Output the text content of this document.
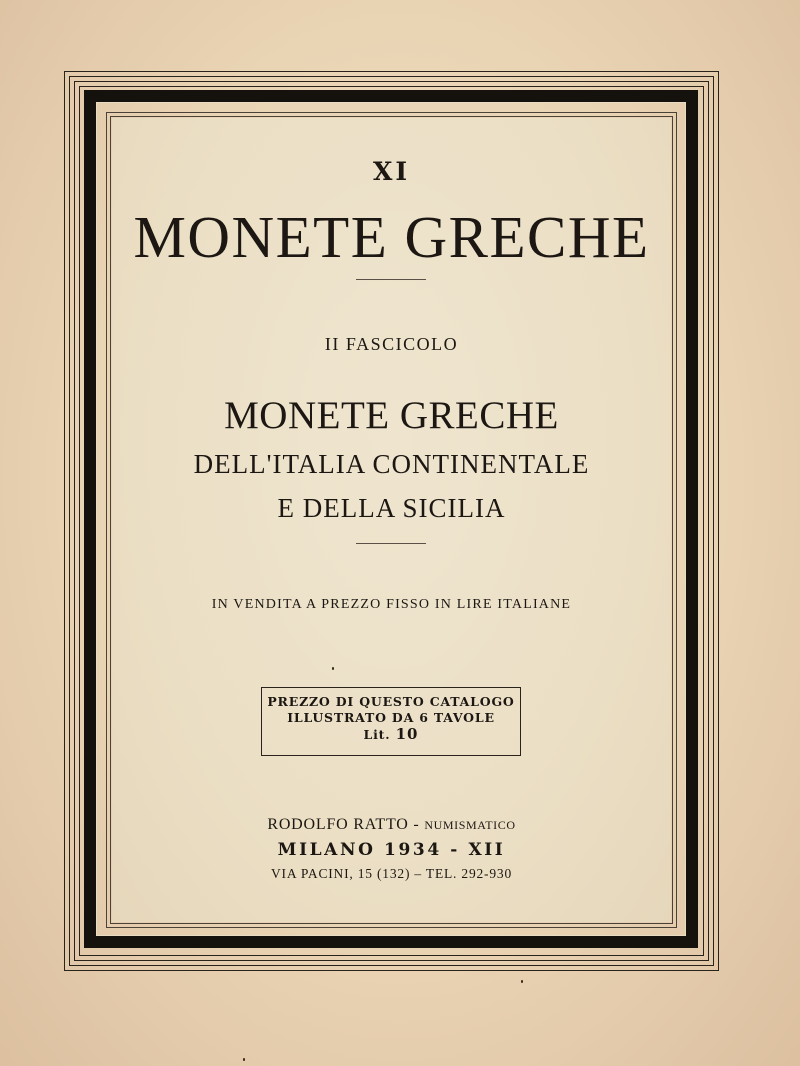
XI
MONETE GRECHE
II FASCICOLO
MONETE GRECHE
DELL'ITALIA CONTINENTALE
E DELLA SICILIA
IN VENDITA A PREZZO FISSO IN LIRE ITALIANE
PREZZO DI QUESTO CATALOGO
ILLUSTRATO DA 6 TAVOLE
Lit. 10
RODOLFO RATTO - NUMISMATICO
MILANO 1934 - XII
VIA PACINI, 15 (132) – TEL. 292-930
